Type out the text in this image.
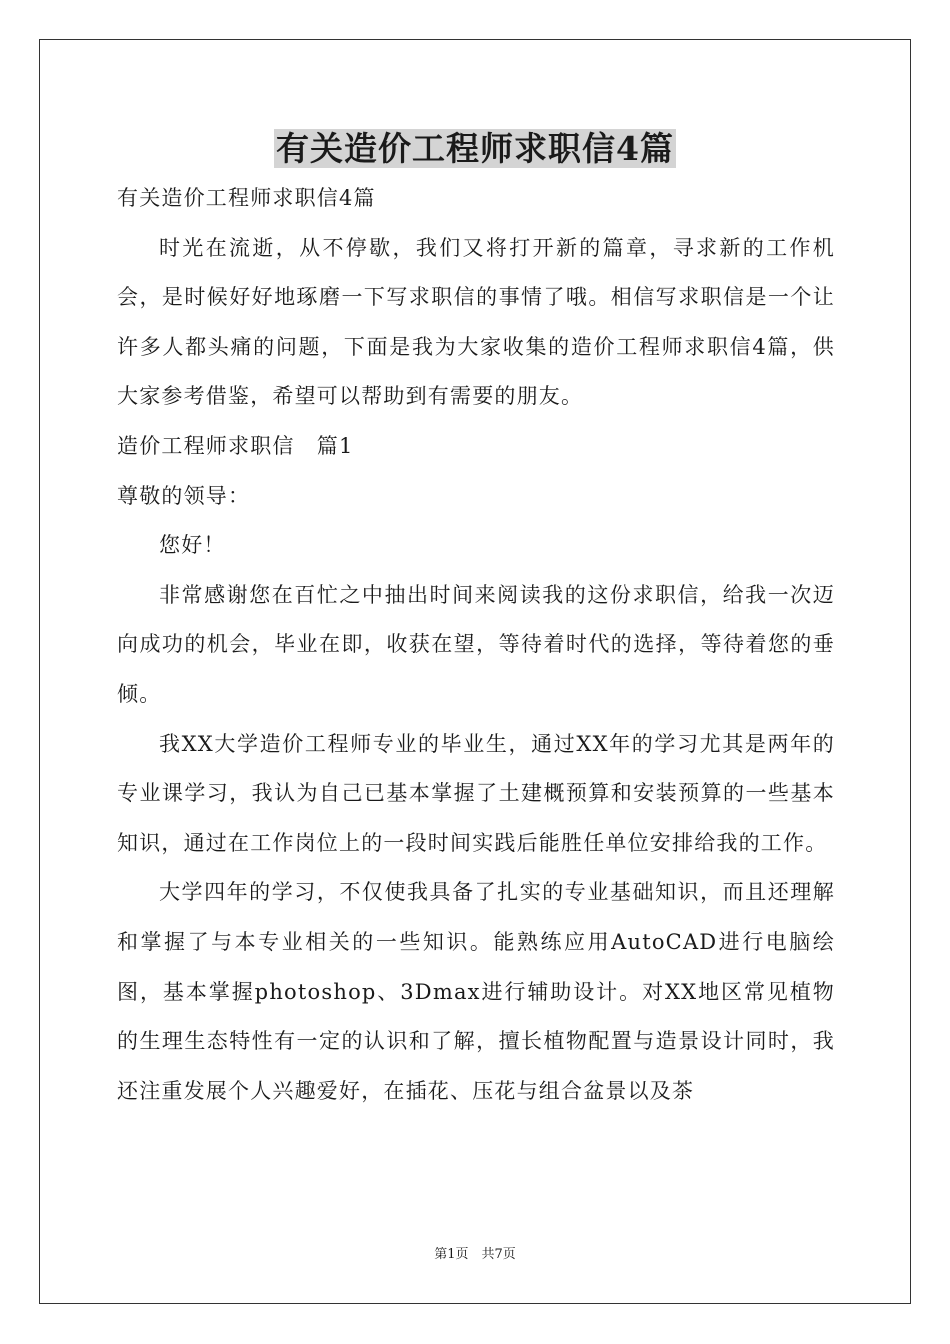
有关造价工程师求职信4篇

有关造价工程师求职信4篇

时光在流逝，从不停歇，我们又将打开新的篇章，寻求新的工作机会，是时候好好地琢磨一下写求职信的事情了哦。相信写求职信是一个让许多人都头痛的问题，下面是我为大家收集的造价工程师求职信4篇，供大家参考借鉴，希望可以帮助到有需要的朋友。

造价工程师求职信　篇1

尊敬的领导：

您好！

非常感谢您在百忙之中抽出时间来阅读我的这份求职信，给我一次迈向成功的机会，毕业在即，收获在望，等待着时代的选择，等待着您的垂倾。

我XX大学造价工程师专业的毕业生，通过XX年的学习尤其是两年的专业课学习，我认为自己已基本掌握了土建概预算和安装预算的一些基本知识，通过在工作岗位上的一段时间实践后能胜任单位安排给我的工作。

大学四年的学习，不仅使我具备了扎实的专业基础知识，而且还理解和掌握了与本专业相关的一些知识。能熟练应用AutoCAD进行电脑绘图，基本掌握photoshop、3Dmax进行辅助设计。对XX地区常见植物的生理生态特性有一定的认识和了解，擅长植物配置与造景设计同时，我还注重发展个人兴趣爱好，在插花、压花与组合盆景以及茶

第1页　共7页
